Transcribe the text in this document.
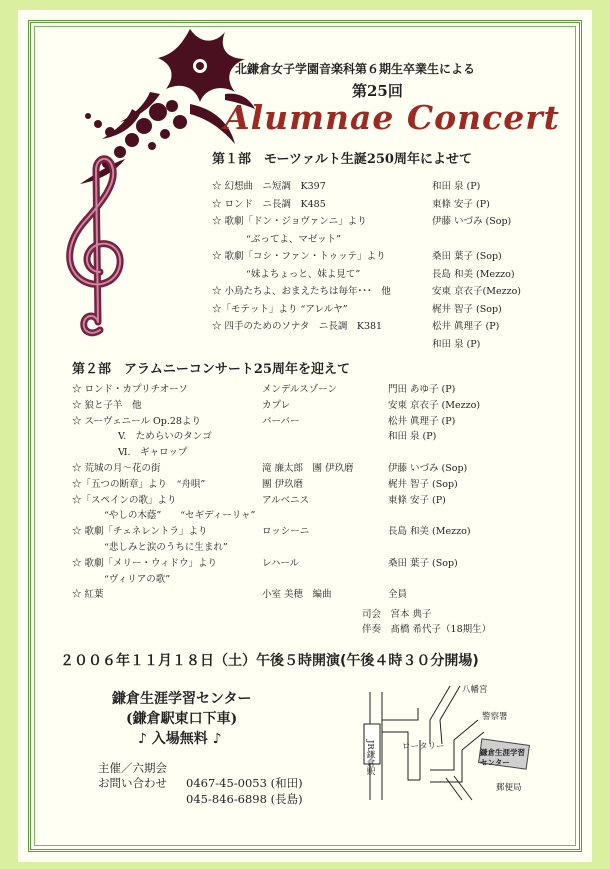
北鎌倉女子学園音楽科第６期生卒業生による
第25回
Alumnae Concert
第１部　モーツァルト生誕250周年によせて
☆ 幻想曲　ニ短調　K397	和田 泉 (P)
☆ ロンド　ニ長調　K485	東條 安子 (P)
☆ 歌劇「ドン・ジョヴァンニ」より	伊藤 いづみ (Sop)
“ぶってよ、マゼット”
☆ 歌劇「コシ・ファン・トゥッテ」より	桑田 葉子 (Sop)
“妹よちょっと、妹よ見て”	長島 和美 (Mezzo)
☆ 小鳥たちよ、おまえたちは毎年･･･　他	安東 京衣子(Mezzo)
☆「モテット」より “アレルヤ”	梶井 智子 (Sop)
☆ 四手のためのソナタ　ニ長調　K381	松井 眞理子 (P)
和田 泉 (P)
第２部　アラムニーコンサート25周年を迎えて
☆ ロンド・カプリチオーソ	メンデルスゾーン	門田 あゆ子 (P)
☆ 狼と子羊　他	カプレ	安東 京衣子 (Mezzo)
☆ スーヴェニール Op.28より	バーバー	松井 眞理子 (P)
V.　ためらいのタンゴ	和田 泉 (P)
Ⅵ.　ギャロップ
☆ 荒城の月〜花の街	滝 廉太郎　團 伊玖磨	伊藤 いづみ (Sop)
☆「五つの断章」より　“舟唄”	團 伊玖磨	梶井 智子 (Sop)
☆「スペインの歌」より	アルベニス	東條 安子 (P)
“やしの木蔭”　　“セギディーリャ”
☆ 歌劇「チェネレントラ」より	ロッシーニ	長島 和美 (Mezzo)
“悲しみと涙のうちに生まれ”
☆ 歌劇「メリー・ウィドウ」より	レハール	桑田 葉子 (Sop)
“ヴィリアの歌”
☆ 紅葉	小室 美穂　編曲	全員
司会　宮本 典子
伴奏　髙橋 希代子（18期生）
２００６年１１月１８日（土）午後５時開演(午後４時３０分開場)
鎌倉生涯学習センター
(鎌倉駅東口下車)
♪ 入場無料 ♪
主催／六期会
お問い合わせ 0467-45-0053 (和田)
045-846-6898 (長島)
八幡宮
警察署
JR鎌倉駅	ロータリー
鎌倉生涯学習センター
郵便局
